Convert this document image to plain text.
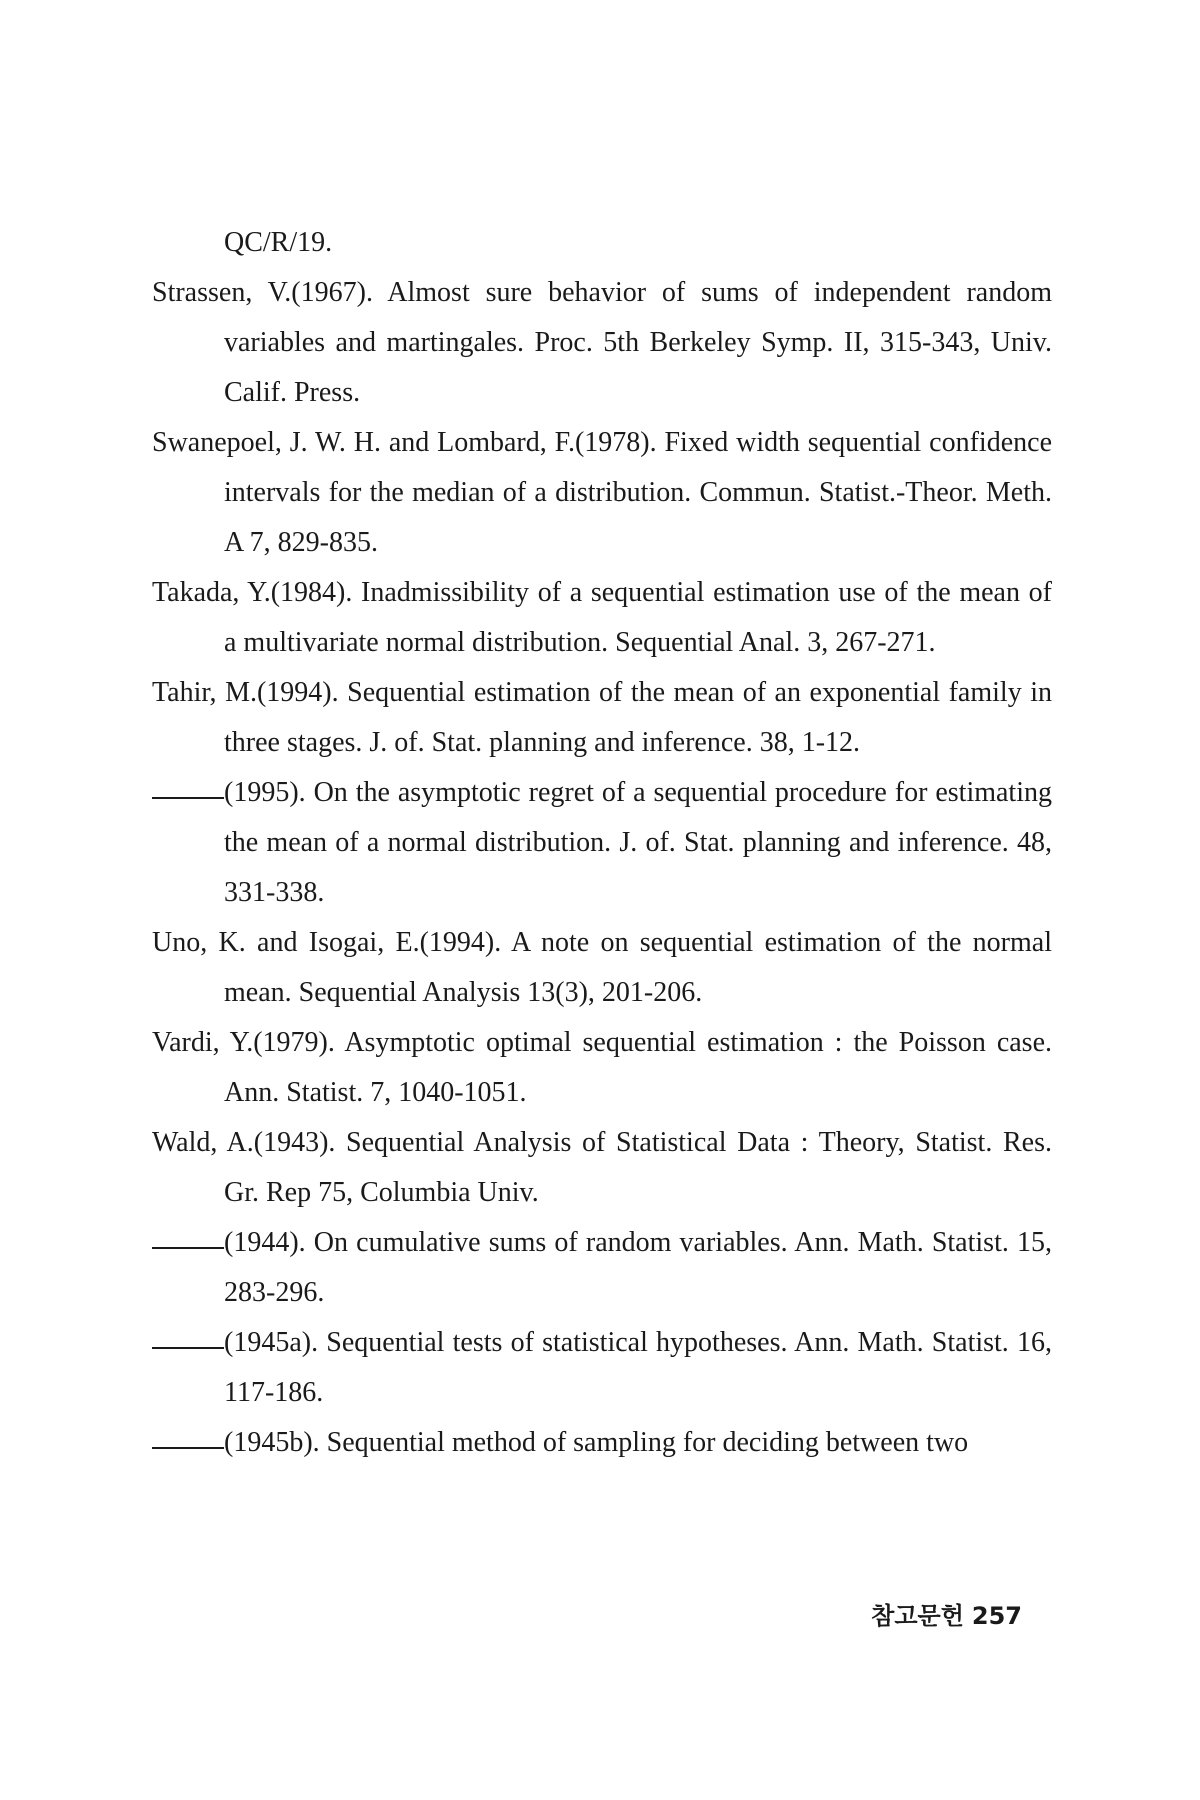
QC/R/19.
Strassen, V.(1967). Almost sure behavior of sums of independent random variables and martingales. Proc. 5th Berkeley Symp. II, 315-343, Univ. Calif. Press.
Swanepoel, J. W. H. and Lombard, F.(1978). Fixed width sequential confidence intervals for the median of a distribution. Commun. Statist.-Theor. Meth. A 7, 829-835.
Takada, Y.(1984). Inadmissibility of a sequential estimation use of the mean of a multivariate normal distribution. Sequential Anal. 3, 267-271.
Tahir, M.(1994). Sequential estimation of the mean of an exponential family in three stages. J. of. Stat. planning and inference. 38, 1-12.
(1995). On the asymptotic regret of a sequential procedure for estimating the mean of a normal distribution. J. of. Stat. planning and inference. 48, 331-338.
Uno, K. and Isogai, E.(1994). A note on sequential estimation of the normal mean. Sequential Analysis 13(3), 201-206.
Vardi, Y.(1979). Asymptotic optimal sequential estimation : the Poisson case. Ann. Statist. 7, 1040-1051.
Wald, A.(1943). Sequential Analysis of Statistical Data : Theory, Statist. Res. Gr. Rep 75, Columbia Univ.
(1944). On cumulative sums of random variables. Ann. Math. Statist. 15, 283-296.
(1945a). Sequential tests of statistical hypotheses. Ann. Math. Statist. 16, 117-186.
(1945b). Sequential method of sampling for deciding between two
참고문헌 257
